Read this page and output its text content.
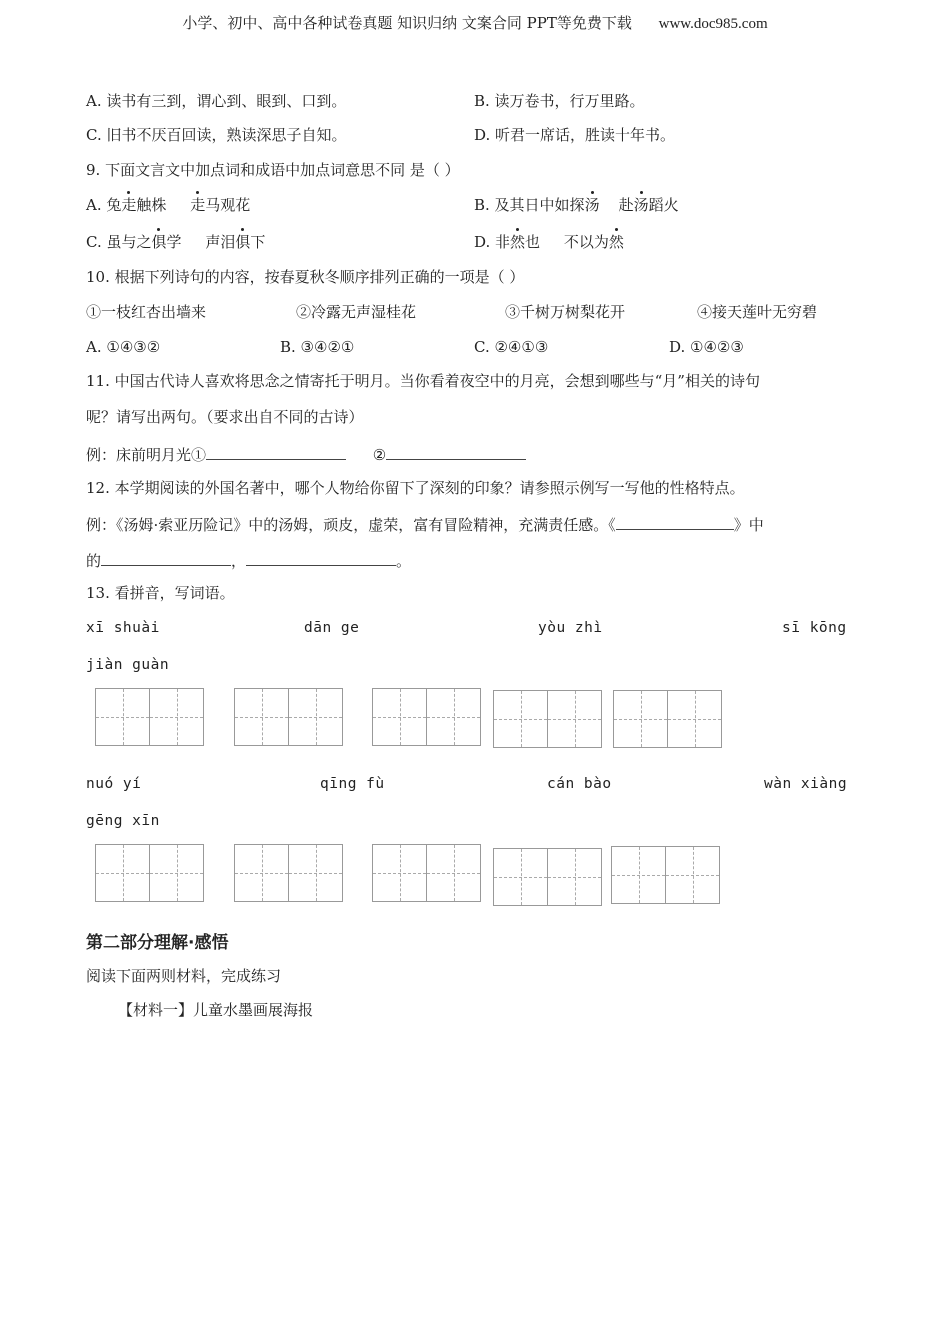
小学、初中、高中各种试卷真题 知识归纳 文案合同 PPT等免费下载 www.doc985.com
A. 读书有三到，谓心到、眼到、口到。	B. 读万卷书，行万里路。
C. 旧书不厌百回读，熟读深思子自知。	D. 听君一席话，胜读十年书。
9. 下面文言文中加点词和成语中加点词意思不同 是（ ）
A. 兔走触株     走马观花	B. 及其日中如探汤    赴汤蹈火
C. 虽与之俱学     声泪俱下	D. 非然也     不以为然
10. 根据下列诗句的内容，按春夏秋冬顺序排列正确的一项是（ ）
①一枝红杏出墙来	②冷露无声湿桂花	③千树万树梨花开	④接天莲叶无穷碧
A. ①④③②	B. ③④②①	C. ②④①③	D. ①④②③
11. 中国古代诗人喜欢将思念之情寄托于明月。当你看着夜空中的月亮，会想到哪些与“月”相关的诗句
呢？请写出两句。（要求出自不同的古诗）
例：床前明月光①	②
12. 本学期阅读的外国名著中，哪个人物给你留下了深刻的印象？请参照示例写一写他的性格特点。
例：《汤姆·索亚历险记》中的汤姆，顽皮，虚荣，富有冒险精神，充满责任感。《	》中
的	，	。
13. 看拼音，写词语。
xī shuài	dān ge	yòu zhì	sī kōng
jiàn guàn
nuó yí	qīng fù	cán bào	wàn xiàng
gēng xīn
第二部分理解·感悟
阅读下面两则材料，完成练习
【材料一】儿童水墨画展海报
